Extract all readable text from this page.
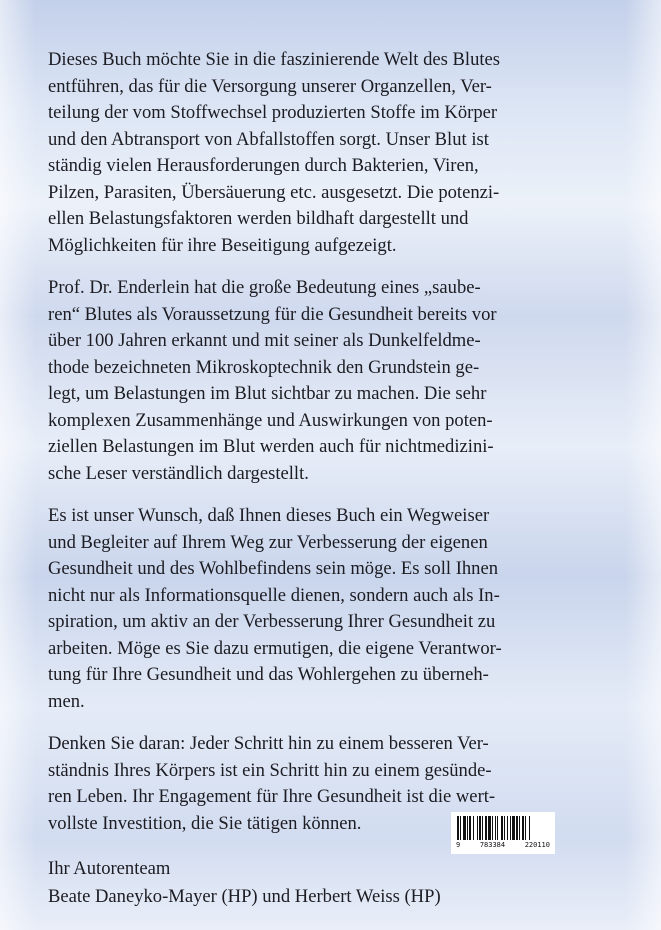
Dieses Buch möchte Sie in die faszinierende Welt des Blutes
entführen, das für die Versorgung unserer Organzellen, Ver-
teilung der vom Stoffwechsel produzierten Stoffe im Körper
und den Abtransport von Abfallstoffen sorgt. Unser Blut ist
ständig vielen Herausforderungen durch Bakterien, Viren,
Pilzen, Parasiten, Übersäuerung etc. ausgesetzt. Die potenzi-
ellen Belastungsfaktoren werden bildhaft dargestellt und
Möglichkeiten für ihre Beseitigung aufgezeigt.

Prof. Dr. Enderlein hat die große Bedeutung eines „saube-
ren“ Blutes als Voraussetzung für die Gesundheit bereits vor
über 100 Jahren erkannt und mit seiner als Dunkelfeldme-
thode bezeichneten Mikroskoptechnik den Grundstein ge-
legt, um Belastungen im Blut sichtbar zu machen. Die sehr
komplexen Zusammenhänge und Auswirkungen von poten-
ziellen Belastungen im Blut werden auch für nichtmedizini-
sche Leser verständlich dargestellt.

Es ist unser Wunsch, daß Ihnen dieses Buch ein Wegweiser
und Begleiter auf Ihrem Weg zur Verbesserung der eigenen
Gesundheit und des Wohlbefindens sein möge. Es soll Ihnen
nicht nur als Informationsquelle dienen, sondern auch als In-
spiration, um aktiv an der Verbesserung Ihrer Gesundheit zu
arbeiten. Möge es Sie dazu ermutigen, die eigene Verantwor-
tung für Ihre Gesundheit und das Wohlergehen zu überneh-
men.

Denken Sie daran: Jeder Schritt hin zu einem besseren Ver-
ständnis Ihres Körpers ist ein Schritt hin zu einem gesünde-
ren Leben. Ihr Engagement für Ihre Gesundheit ist die wert-
vollste Investition, die Sie tätigen können.

Ihr Autorenteam
Beate Daneyko-Mayer (HP) und Herbert Weiss (HP)
9	783384	220110
